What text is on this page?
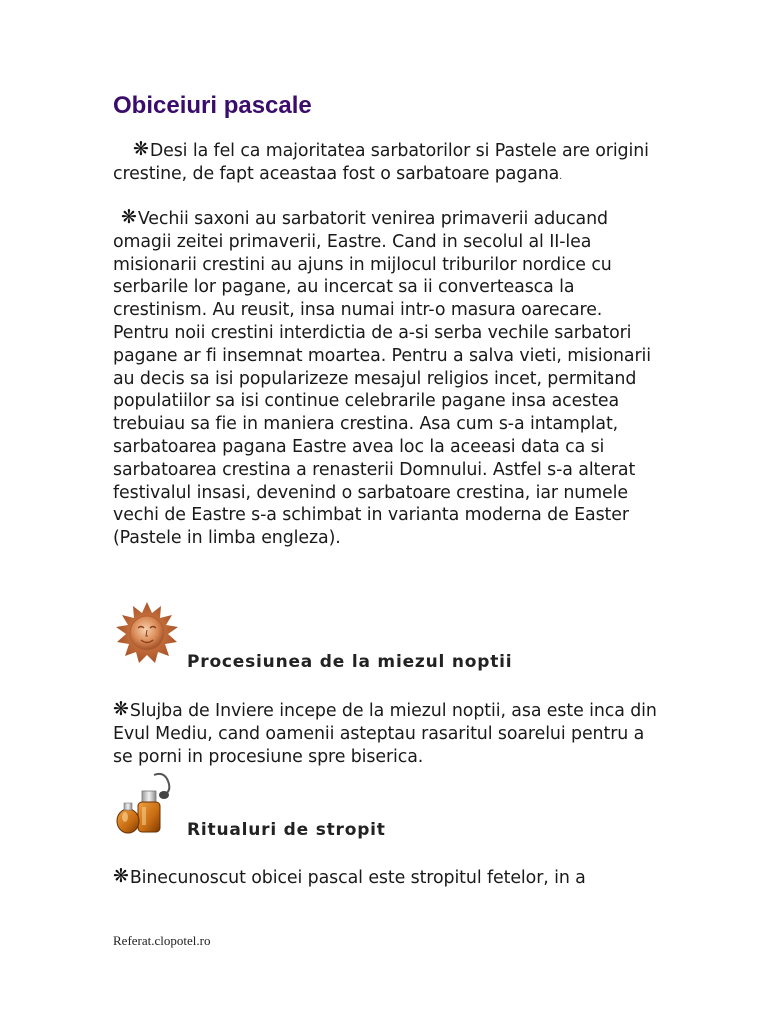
Obiceiuri pascale

❋Desi la fel ca majoritatea sarbatorilor si Pastele are origini crestine, de fapt aceastaa fost o sarbatoare pagana.

❋Vechii saxoni au sarbatorit venirea primaverii aducand omagii zeitei primaverii, Eastre. Cand in secolul al II-lea misionarii crestini au ajuns in mijlocul triburilor nordice cu serbarile lor pagane, au incercat sa ii converteasca la crestinism. Au reusit, insa numai intr-o masura oarecare. Pentru noii crestini interdictia de a-si serba vechile sarbatori pagane ar fi insemnat moartea. Pentru a salva vieti, misionarii au decis sa isi popularizeze mesajul religios incet, permitand populatiilor sa isi continue celebrarile pagane insa acestea trebuiau sa fie in maniera crestina. Asa cum s-a intamplat, sarbatoarea pagana Eastre avea loc la aceeasi data ca si sarbatoarea crestina a renasterii Domnului. Astfel s-a alterat festivalul insasi, devenind o sarbatoare crestina, iar numele vechi de Eastre s-a schimbat in varianta moderna de Easter (Pastele in limba engleza).

Procesiunea de la miezul noptii

❋Slujba de Inviere incepe de la miezul noptii, asa este inca din Evul Mediu, cand oamenii asteptau rasaritul soarelui pentru a se porni in procesiune spre biserica.

Ritualuri de stropit

❋Binecunoscut obicei pascal este stropitul fetelor, in a

Referat.clopotel.ro
